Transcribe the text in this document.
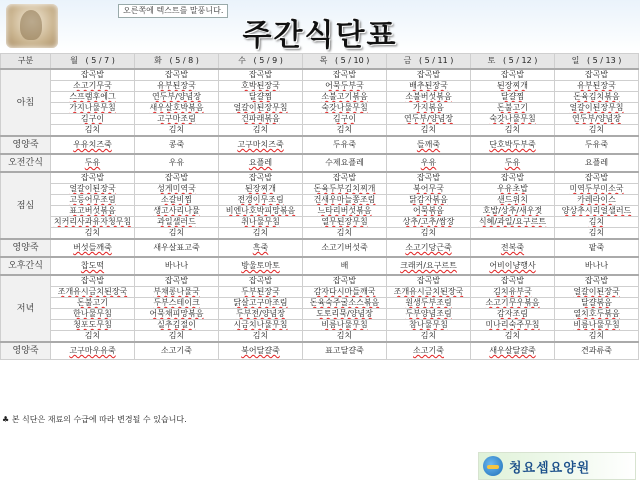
오른쪽에 텍스트를 말풍니다.
주간식단표
구분	월 ( 5 / 7 )	화 ( 5 / 8 )	수 ( 5 / 9 )	목 ( 5 / 10 )	금 ( 5 / 11 )	토 ( 5 / 12 )	일 ( 5 / 13 )
아침	잡곡밥	잡곡밥	잡곡밥	잡곡밥	잡곡밥	잡곡밥	잡곡밥
	소고기무국	유부된장국	호박된장국	어묵두부국	배추된장국	된장찌개	유부된장국
	스프램후에그	연두부/양념장	달걀찜	소불고기볶음	소불버섯볶음	달걀찜	돈육김치볶음
	가지나물무침	새우살호박볶음	얼갈이된장무침	숙갓나물무침	가지볶음	돈불고기	얼갈이된장무침
	김구이	고구마조림	건파래볶음	김구이	연두부/양념장	숙갓나물무침	연두부/양념장
	김치	김치	김치	김치	김치	김치	김치
영양죽	우유치즈죽	콩죽	고구마치즈죽	두유죽	들깨죽	단호박두부죽	두유죽
오전간식	두유	우유	요플레	수제요플레	우유	두유	요플레
점심	잡곡밥	잡곡밥	잡곡밥	잡곡밥	잡곡밥	잡곡밥	잡곡밥
	얼갈이된장국	성게미역국	된장찌개	돈육두부김치찌개	북어무국	우유초밥	미역두부미소국
	고등어무조림	소갈비찜	전갱이무조림	건새우마늘쫑조림	닭감자볶음	샌드위치	카레라이스
	표고버섯볶음	생고사리나물	비엔나호박피망볶음	느타리버섯볶음	어묵볶음	호밥/상추/새우젓	양상추시리얼샐러드
	치커리사과유자청무침	과일샐러드	취나물무침	열무된장무침	상추/고추/쌈장	식혜/과일/요구르트	김치
	김치	김치	김치	김치	김치		김치
영양죽	버섯들깨죽	새우살표고죽	흑죽	소고기버섯죽	소고기당근죽	전복죽	팥죽
오후간식	찹도떡	바나나	방울토마토	배	크래커/요구르트	어비이냥행사	바나나
저녁	잡곡밥	잡곡밥	잡곡밥	잡곡밥	잡곡밥	잡곡밥	잡곡밥
	조개유시금치된장국	부채롱나물국	두부된장국	감자다시마들깨국	조개유시금치된장국	김치유부국	얼갈이된장국
	돈불고기	두부스테이크	닭살고구마조림	돈육숙주굴소스볶음	원생두부조림	소고기무우볶음	달걀볶음
	한나물무침	어묵채피망볶음	두부전/양념장	도토리묵/양념장	두부양념조림	감자조림	열치호두볶음
	청포도무침	실추김절이	시금치나물무침	비름나물무침	참나물무침	미나리숙주무침	비름나물무침
	김치	김치	김치	김치	김치	김치	김치
영양죽	고구마우유죽	소고기죽	북어달걀죽	표고달걀죽	소고기죽	새우살달걀죽	견과류죽
♣ 본 식단은 재료의 수급에 따라 변경될 수 있습니다.
청요셉요양원
